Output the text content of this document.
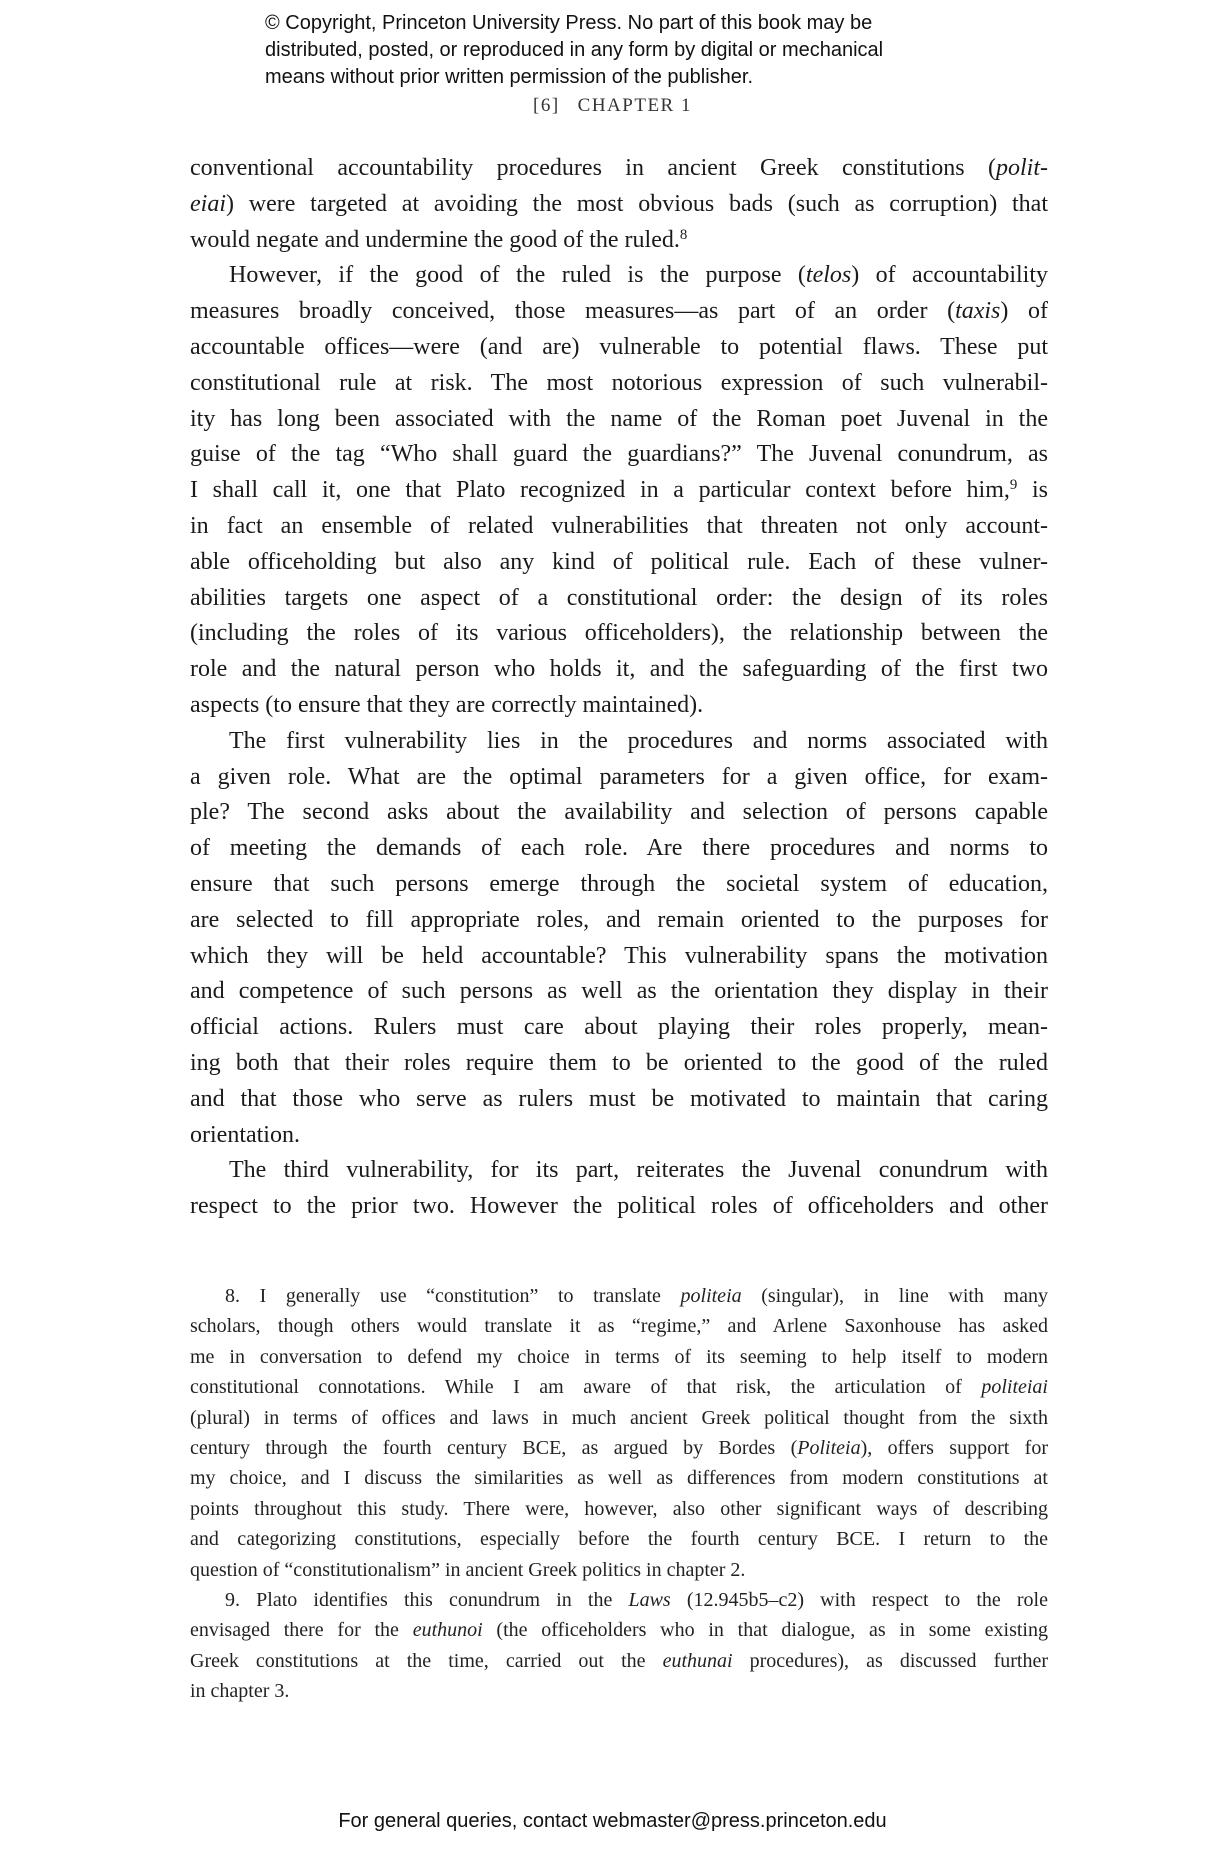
© Copyright, Princeton University Press. No part of this book may be
distributed, posted, or reproduced in any form by digital or mechanical
means without prior written permission of the publisher.
[6] CHAPTER 1
conventional accountability procedures in ancient Greek constitutions (polit-
eiai) were targeted at avoiding the most obvious bads (such as corruption) that
would negate and undermine the good of the ruled.$^8$
However, if the good of the ruled is the purpose (telos) of accountability
measures broadly conceived, those measures—as part of an order (taxis) of
accountable offices—were (and are) vulnerable to potential flaws. These put
constitutional rule at risk. The most notorious expression of such vulnerabil-
ity has long been associated with the name of the Roman poet Juvenal in the
guise of the tag “Who shall guard the guardians?” The Juvenal conundrum, as
I shall call it, one that Plato recognized in a particular context before him,$^9$ is
in fact an ensemble of related vulnerabilities that threaten not only account-
able officeholding but also any kind of political rule. Each of these vulner-
abilities targets one aspect of a constitutional order: the design of its roles
(including the roles of its various officeholders), the relationship between the
role and the natural person who holds it, and the safeguarding of the first two
aspects (to ensure that they are correctly maintained).
The first vulnerability lies in the procedures and norms associated with
a given role. What are the optimal parameters for a given office, for exam-
ple? The second asks about the availability and selection of persons capable
of meeting the demands of each role. Are there procedures and norms to
ensure that such persons emerge through the societal system of education,
are selected to fill appropriate roles, and remain oriented to the purposes for
which they will be held accountable? This vulnerability spans the motivation
and competence of such persons as well as the orientation they display in their
official actions. Rulers must care about playing their roles properly, mean-
ing both that their roles require them to be oriented to the good of the ruled
and that those who serve as rulers must be motivated to maintain that caring
orientation.
The third vulnerability, for its part, reiterates the Juvenal conundrum with
respect to the prior two. However the political roles of officeholders and other
8. I generally use “constitution” to translate politeia (singular), in line with many
scholars, though others would translate it as “regime,” and Arlene Saxonhouse has asked
me in conversation to defend my choice in terms of its seeming to help itself to modern
constitutional connotations. While I am aware of that risk, the articulation of politeiai
(plural) in terms of offices and laws in much ancient Greek political thought from the sixth
century through the fourth century BCE, as argued by Bordes (Politeia), offers support for
my choice, and I discuss the similarities as well as differences from modern constitutions at
points throughout this study. There were, however, also other significant ways of describing
and categorizing constitutions, especially before the fourth century BCE. I return to the
question of “constitutionalism” in ancient Greek politics in chapter 2.
9. Plato identifies this conundrum in the Laws (12.945b5–c2) with respect to the role
envisaged there for the euthunoi (the officeholders who in that dialogue, as in some existing
Greek constitutions at the time, carried out the euthunai procedures), as discussed further
in chapter 3.
For general queries, contact webmaster@press.princeton.edu
